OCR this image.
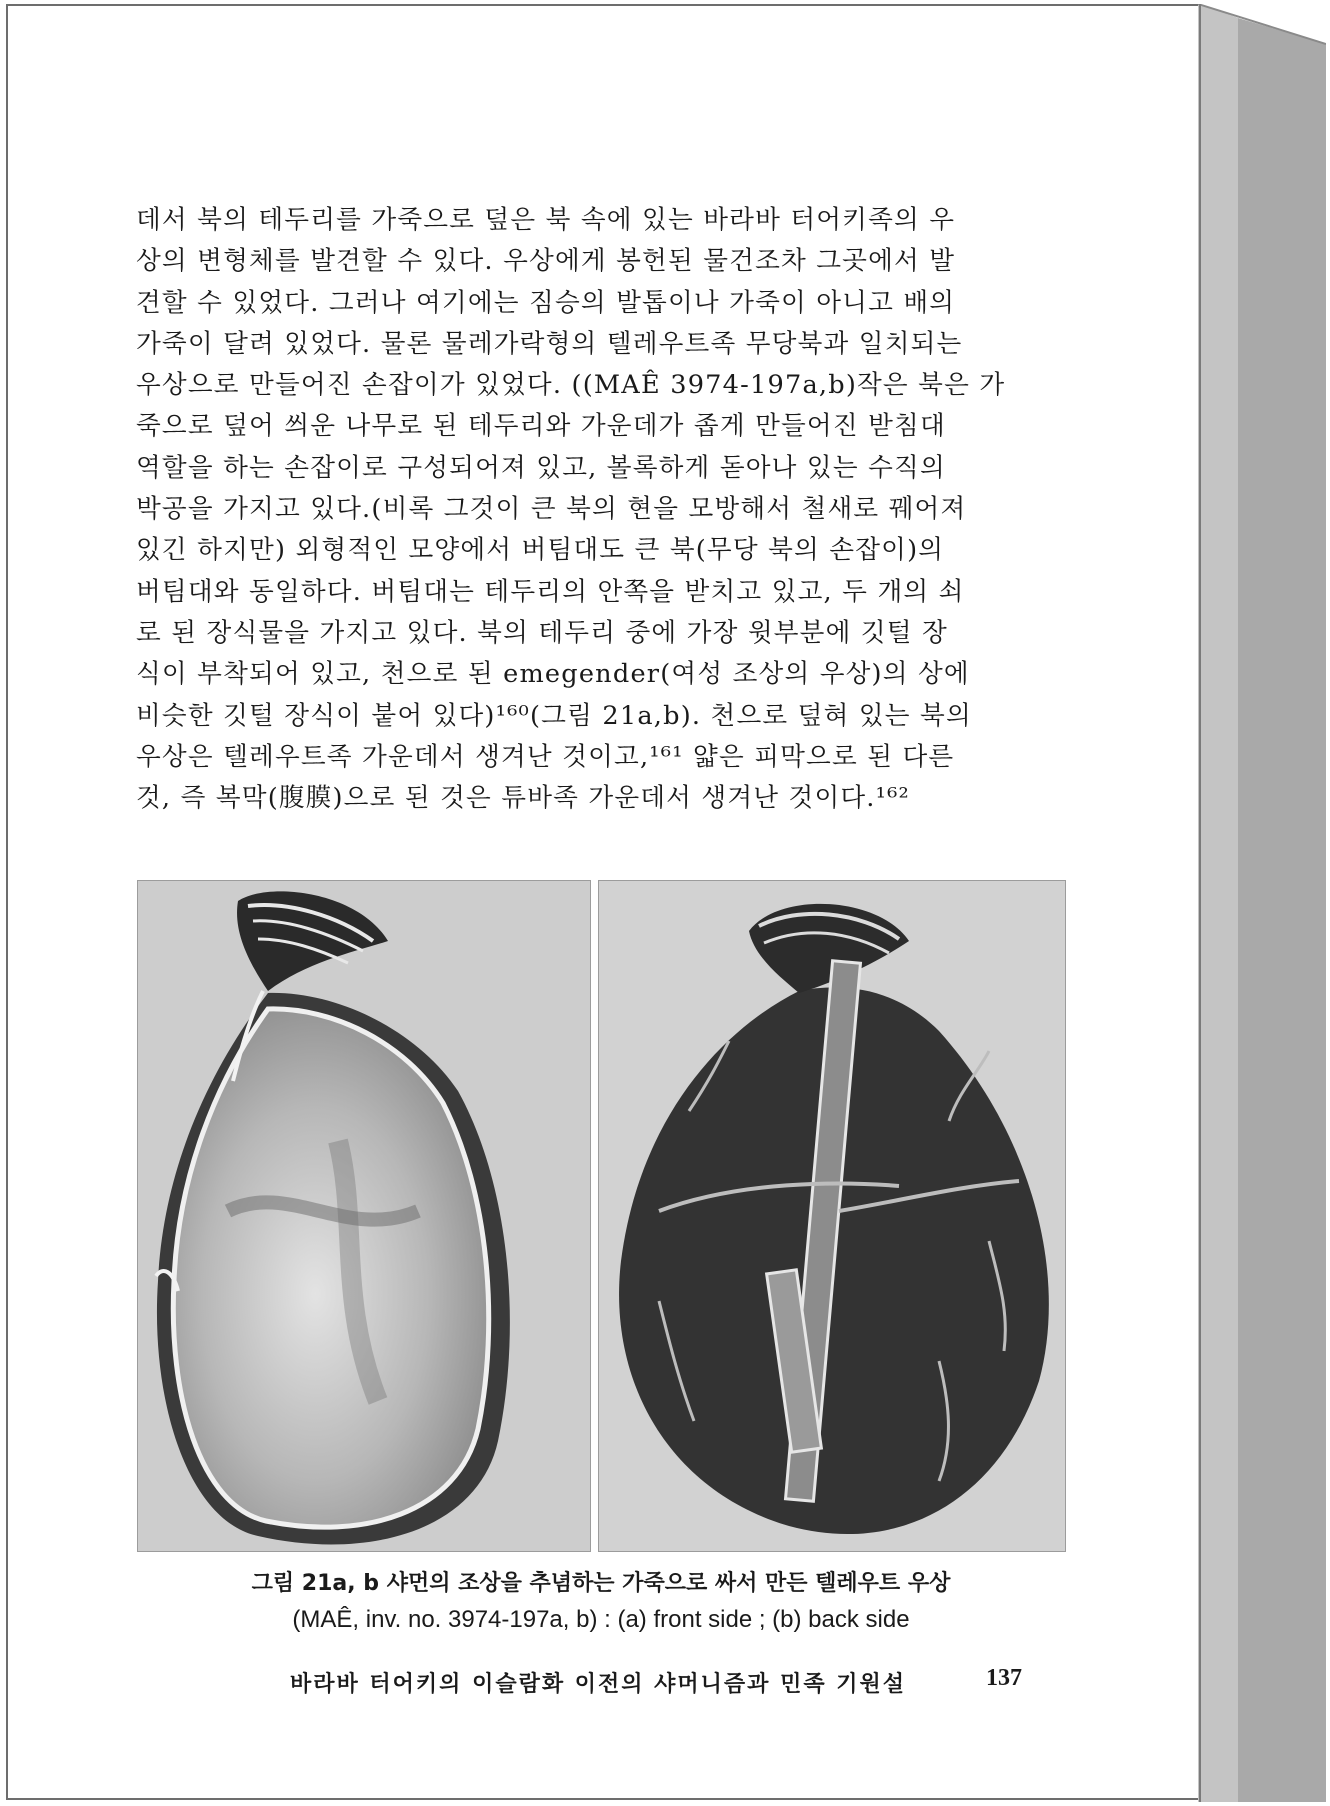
데서 북의 테두리를 가죽으로 덮은 북 속에 있는 바라바 터어키족의 우
상의 변형체를 발견할 수 있다. 우상에게 봉헌된 물건조차 그곳에서 발
견할 수 있었다. 그러나 여기에는 짐승의 발톱이나 가죽이 아니고 배의
가죽이 달려 있었다. 물론 물레가락형의 텔레우트족 무당북과 일치되는
우상으로 만들어진 손잡이가 있었다. ((MAÊ 3974-197a,b)작은 북은 가
죽으로 덮어 씌운 나무로 된 테두리와 가운데가 좁게 만들어진 받침대
역할을 하는 손잡이로 구성되어져 있고, 볼록하게 돋아나 있는 수직의
박공을 가지고 있다.(비록 그것이 큰 북의 현을 모방해서 철새로 꿰어져
있긴 하지만) 외형적인 모양에서 버팀대도 큰 북(무당 북의 손잡이)의
버팀대와 동일하다. 버팀대는 테두리의 안쪽을 받치고 있고, 두 개의 쇠
로 된 장식물을 가지고 있다. 북의 테두리 중에 가장 윗부분에 깃털 장
식이 부착되어 있고, 천으로 된 emegender(여성 조상의 우상)의 상에
비슷한 깃털 장식이 붙어 있다)¹⁶⁰(그림 21a,b). 천으로 덮혀 있는 북의
우상은 텔레우트족 가운데서 생겨난 것이고,¹⁶¹ 얇은 피막으로 된 다른
것, 즉 복막(腹膜)으로 된 것은 튜바족 가운데서 생겨난 것이다.¹⁶²
그림 21a, b 샤먼의 조상을 추념하는 가죽으로 싸서 만든 텔레우트 우상
(MAÊ, inv. no. 3974-197a, b) : (a) front side ; (b) back side
바라바 터어키의 이슬람화 이전의 샤머니즘과 민족 기원설	137
